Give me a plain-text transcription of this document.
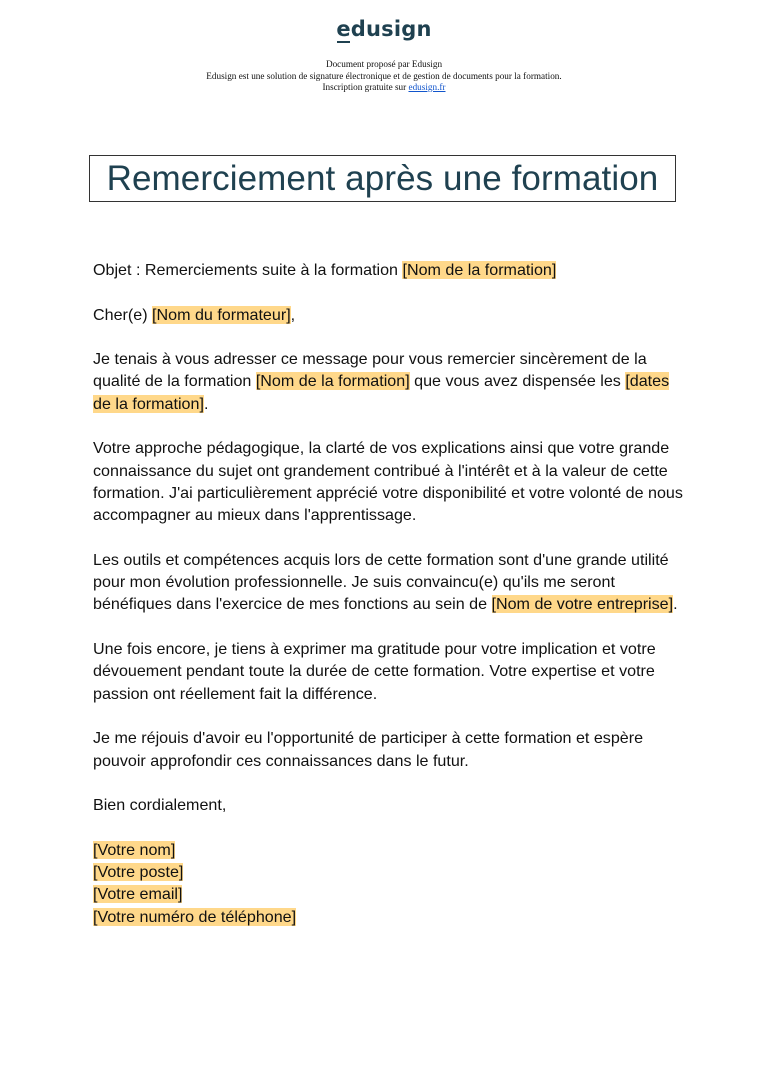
edusign
Document proposé par Edusign
Edusign est une solution de signature électronique et de gestion de documents pour la formation.
Inscription gratuite sur edusign.fr
Remerciement après une formation

Objet : Remerciements suite à la formation [Nom de la formation]

Cher(e) [Nom du formateur],

Je tenais à vous adresser ce message pour vous remercier sincèrement de la qualité de la formation [Nom de la formation] que vous avez dispensée les [dates de la formation].

Votre approche pédagogique, la clarté de vos explications ainsi que votre grande connaissance du sujet ont grandement contribué à l'intérêt et à la valeur de cette formation. J'ai particulièrement apprécié votre disponibilité et votre volonté de nous accompagner au mieux dans l'apprentissage.

Les outils et compétences acquis lors de cette formation sont d'une grande utilité pour mon évolution professionnelle. Je suis convaincu(e) qu'ils me seront bénéfiques dans l'exercice de mes fonctions au sein de [Nom de votre entreprise].

Une fois encore, je tiens à exprimer ma gratitude pour votre implication et votre dévouement pendant toute la durée de cette formation. Votre expertise et votre passion ont réellement fait la différence.

Je me réjouis d'avoir eu l'opportunité de participer à cette formation et espère pouvoir approfondir ces connaissances dans le futur.

Bien cordialement,

[Votre nom]

[Votre poste]

[Votre email]

[Votre numéro de téléphone]
